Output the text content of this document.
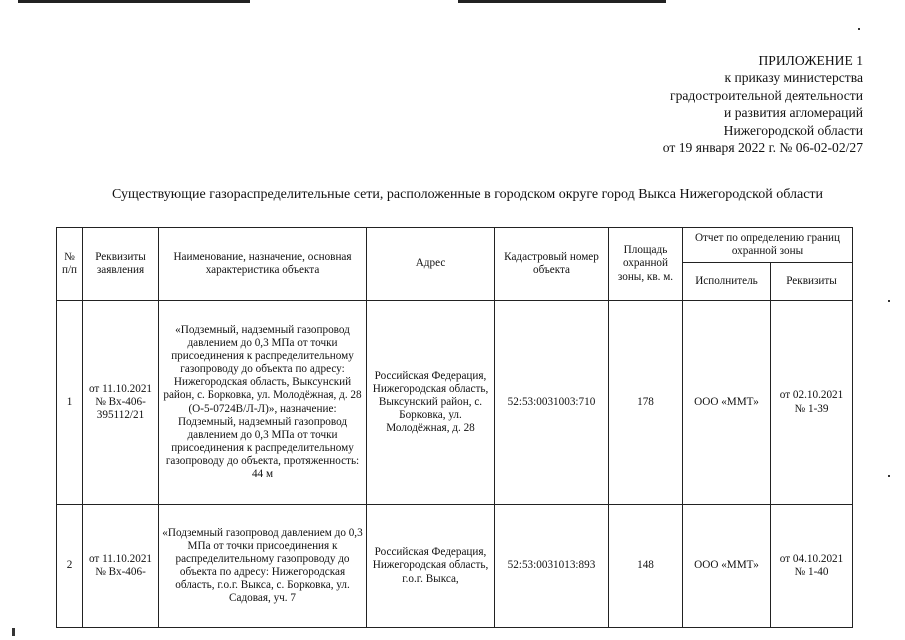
ПРИЛОЖЕНИЕ 1
к приказу министерства
градостроительной деятельности
и развития агломераций
Нижегородской области
от 19 января 2022 г. № 06-02-02/27
Существующие газораспределительные сети, расположенные в городском округе город Выкса Нижегородской области
№ п/п	Реквизиты заявления	Наименование, назначение, основная характеристика объекта	Адрес	Кадастровый номер объекта	Площадь охранной зоны, кв. м.	Отчет по определению границ охранной зоны	
						Исполнитель	Реквизиты
1	от 11.10.2021 № Вх-406-395112/21	«Подземный, надземный газопровод давлением до 0,3 МПа от точки присоединения к распределительному газопроводу до объекта по адресу: Нижегородская область, Выксунский район, с. Борковка, ул. Молодёжная, д. 28 (О-5-0724В/Л-Л)», назначение: Подземный, надземный газопровод давлением до 0,3 МПа от точки присоединения к распределительному газопроводу до объекта, протяженность: 44 м	Российская Федерация, Нижегородская область, Выксунский район, с. Борковка, ул. Молодёжная, д. 28	52:53:0031003:710	178	ООО «ММТ»	от 02.10.2021 № 1-39
2	от 11.10.2021 № Вх-406-	«Подземный газопровод давлением до 0,3 МПа от точки присоединения к распределительному газопроводу до объекта по адресу: Нижегородская область, г.о.г. Выкса, с. Борковка, ул. Садовая, уч. 7	Российская Федерация, Нижегородская область, г.о.г. Выкса,	52:53:0031013:893	148	ООО «ММТ»	от 04.10.2021 № 1-40
